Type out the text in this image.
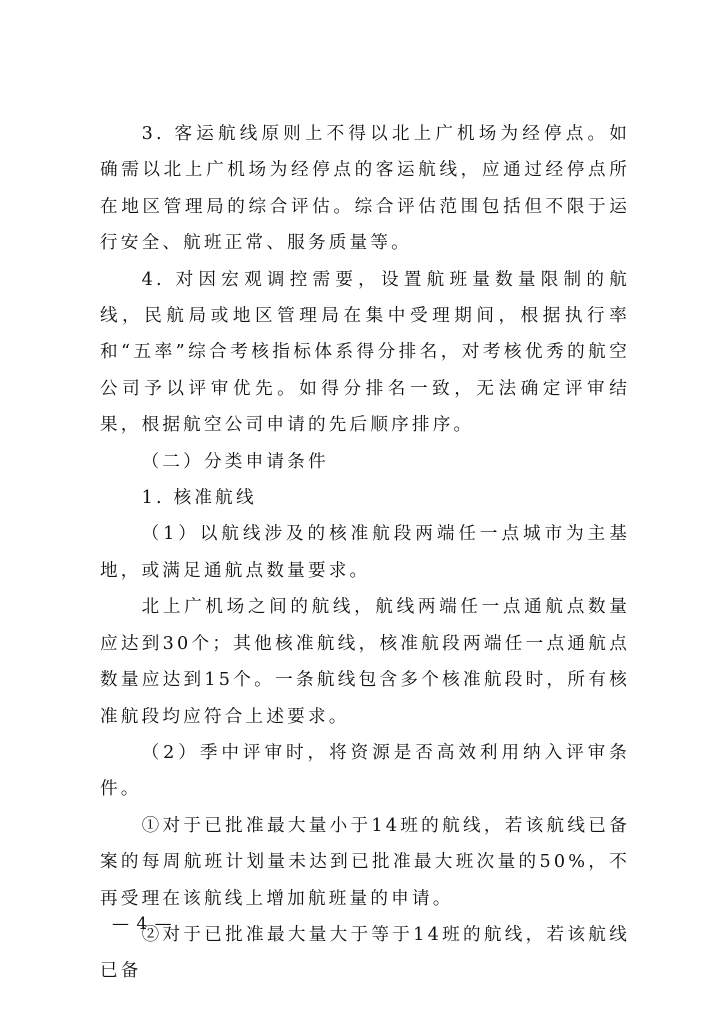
3. 客运航线原则上不得以北上广机场为经停点。如确需以北上广机场为经停点的客运航线，应通过经停点所在地区管理局的综合评估。综合评估范围包括但不限于运行安全、航班正常、服务质量等。

4. 对因宏观调控需要，设置航班量数量限制的航线，民航局或地区管理局在集中受理期间，根据执行率和“五率”综合考核指标体系得分排名，对考核优秀的航空公司予以评审优先。如得分排名一致，无法确定评审结果，根据航空公司申请的先后顺序排序。

（二）分类申请条件

1. 核准航线

（1）以航线涉及的核准航段两端任一点城市为主基地，或满足通航点数量要求。

北上广机场之间的航线，航线两端任一点通航点数量应达到30个；其他核准航线，核准航段两端任一点通航点数量应达到15个。一条航线包含多个核准航段时，所有核准航段均应符合上述要求。

（2）季中评审时，将资源是否高效利用纳入评审条件。

①对于已批准最大量小于14班的航线，若该航线已备案的每周航班计划量未达到已批准最大班次量的50%，不再受理在该航线上增加航班量的申请。

②对于已批准最大量大于等于14班的航线，若该航线已备

— 4 —
